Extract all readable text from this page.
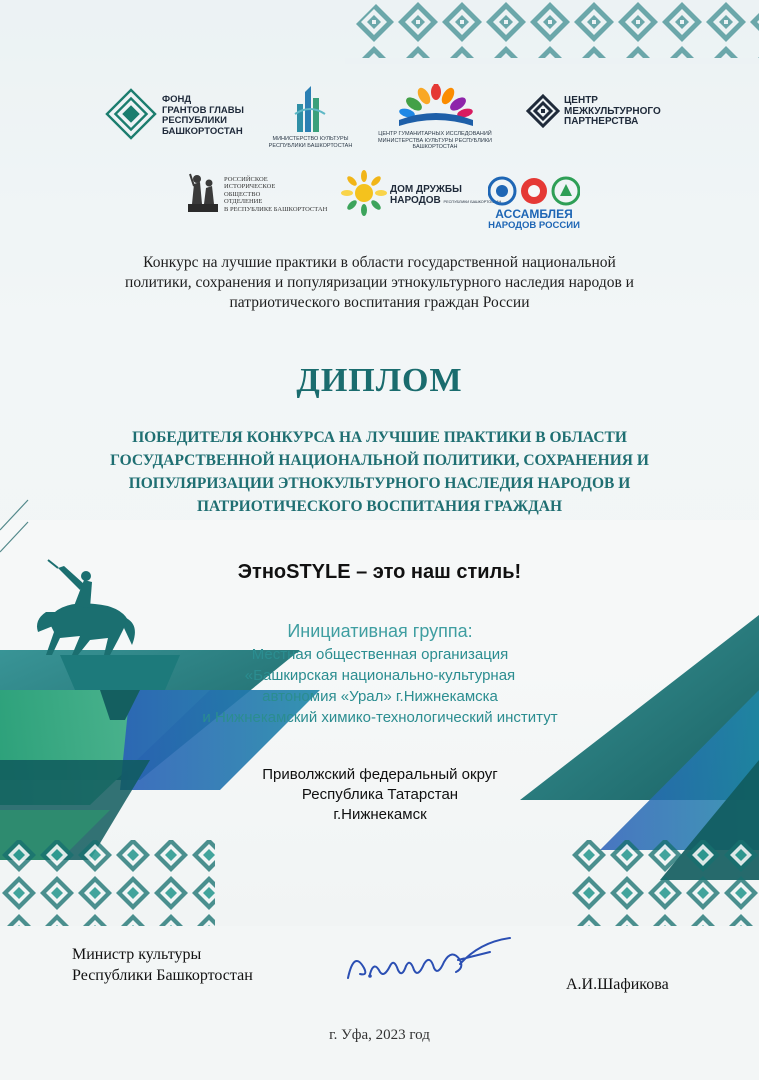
ФОНД
ГРАНТОВ ГЛАВЫ
РЕСПУБЛИКИ
БАШКОРТОСТАН
МИНИСТЕРСТВО КУЛЬТУРЫ
РЕСПУБЛИКИ БАШКОРТОСТАН
ЦЕНТР ГУМАНИТАРНЫХ ИССЛЕДОВАНИЙ
МИНИСТЕРСТВА КУЛЬТУРЫ РЕСПУБЛИКИ
БАШКОРТОСТАН
ЦЕНТР
МЕЖКУЛЬТУРНОГО
ПАРТНЕРСТВА
РОССИЙСКОЕ
ИСТОРИЧЕСКОЕ
ОБЩЕСТВО
ОТДЕЛЕНИЕ
В РЕСПУБЛИКЕ БАШКОРТОСТАН
ДОМ ДРУЖБЫ
НАРОДОВ РЕСПУБЛИКИ БАШКОРТОСТАН
АССАМБЛЕЯ
НАРОДОВ РОССИИ
Конкурс на лучшие практики в области государственной национальной
политики, сохранения и популяризации этнокультурного наследия народов и
патриотического воспитания граждан России
ДИПЛОМ
ПОБЕДИТЕЛЯ КОНКУРСА НА ЛУЧШИЕ ПРАКТИКИ В ОБЛАСТИ
ГОСУДАРСТВЕННОЙ НАЦИОНАЛЬНОЙ ПОЛИТИКИ, СОХРАНЕНИЯ И
ПОПУЛЯРИЗАЦИИ ЭТНОКУЛЬТУРНОГО НАСЛЕДИЯ НАРОДОВ И
ПАТРИОТИЧЕСКОГО ВОСПИТАНИЯ ГРАЖДАН
ЭтноSTYLE – это наш стиль!
Инициативная группа:
Местная общественная организация
«Башкирская национально-культурная
автономия «Урал» г.Нижнекамска
и Нижнекамский химико-технологический институт
Приволжский федеральный округ
Республика Татарстан
г.Нижнекамск
Министр культуры
Республики Башкортостан
А.И.Шафикова
г. Уфа, 2023 год
